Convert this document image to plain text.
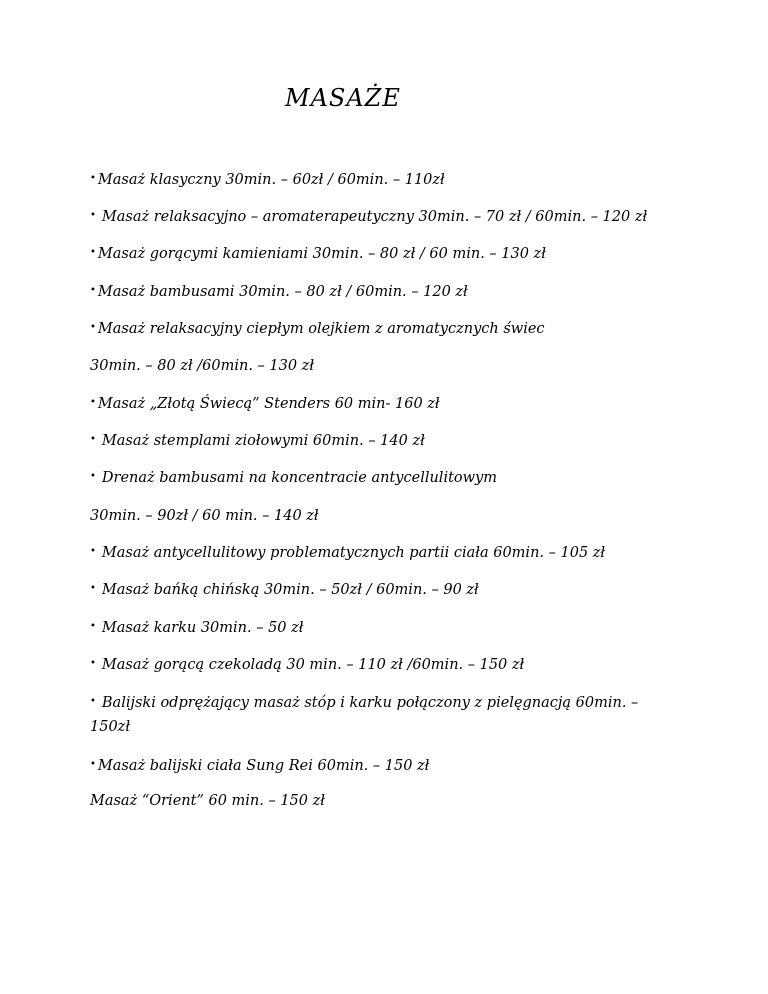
MASAŻE
• Masaż klasyczny 30min. – 60zł / 60min. – 110zł
• Masaż relaksacyjno – aromaterapeutyczny 30min. – 70 zł / 60min. – 120 zł
• Masaż gorącymi kamieniami 30min. – 80 zł / 60 min. – 130 zł
• Masaż bambusami 30min. – 80 zł / 60min. – 120 zł
• Masaż relaksacyjny ciepłym olejkiem z aromatycznych świec
30min. – 80 zł /60min. – 130 zł
• Masaż „Złotą Świecą” Stenders 60 min- 160 zł
• Masaż stemplami ziołowymi 60min. – 140 zł
• Drenaż bambusami na koncentracie antycellulitowym
30min. – 90zł / 60 min. – 140 zł
• Masaż antycellulitowy problematycznych partii ciała 60min. – 105 zł
• Masaż bańką chińską 30min. – 50zł / 60min. – 90 zł
• Masaż karku 30min. – 50 zł
• Masaż gorącą czekoladą 30 min. – 110 zł /60min. – 150 zł
• Balijski odprężający masaż stóp i karku połączony z pielęgnacją 60min. –
150zł
• Masaż balijski ciała Sung Rei 60min. – 150 zł
Masaż “Orient” 60 min. – 150 zł
